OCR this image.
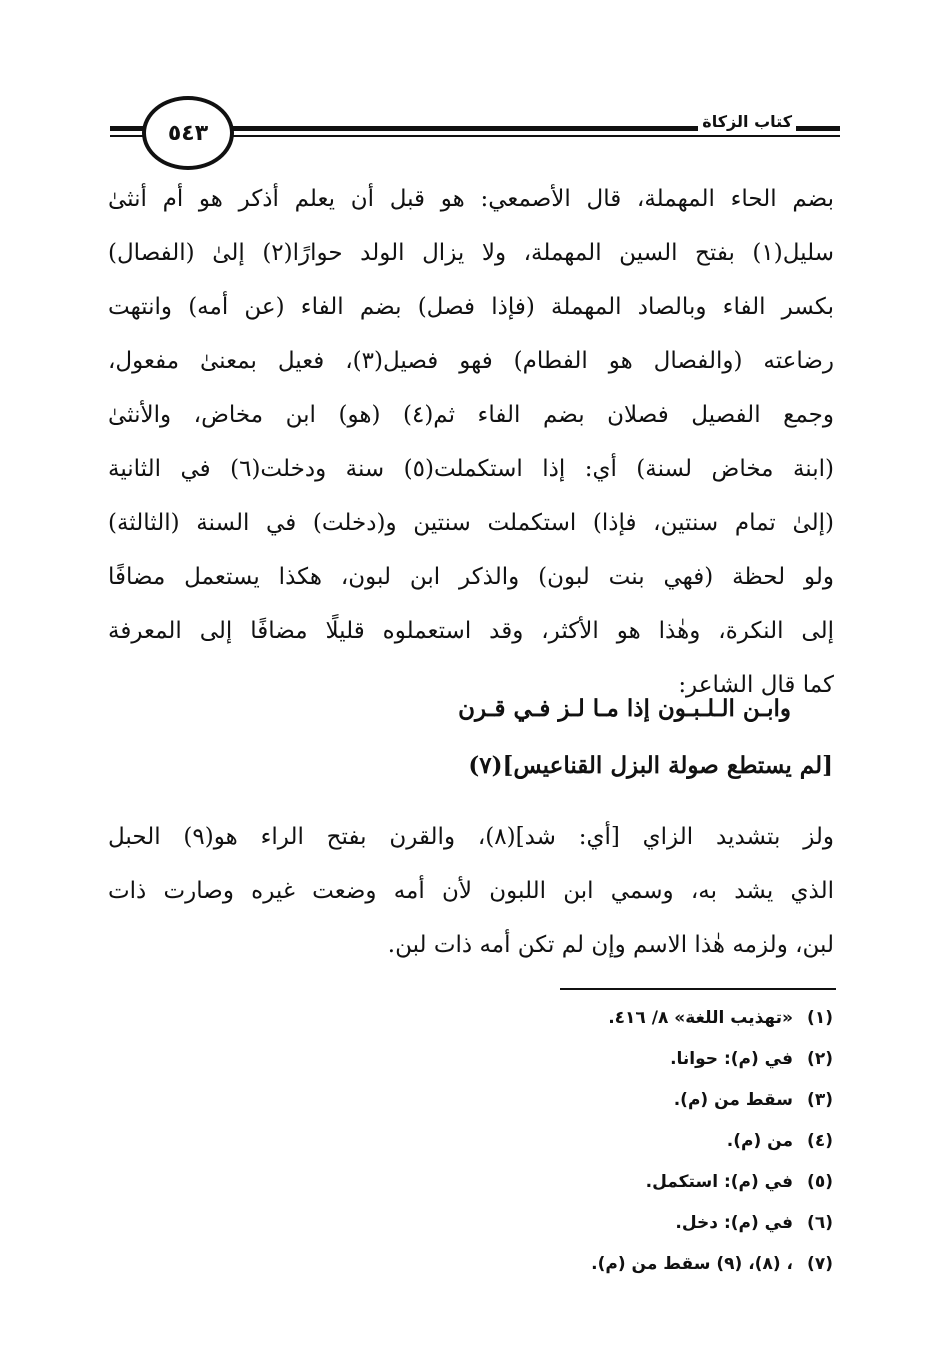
٥٤٣	كتاب الزكاة
بضم الحاء المهملة، قال الأصمعي: هو قبل أن يعلم أذكر هو أم أنثىٰ
سليل(١) بفتح السين المهملة، ولا يزال الولد حوارًا(٢) إلىٰ (الفصال)
بكسر الفاء وبالصاد المهملة (فإذا فصل) بضم الفاء (عن أمه) وانتهت
رضاعته (والفصال هو الفطام) فهو فصيل(٣)، فعيل بمعنىٰ مفعول،
وجمع الفصيل فصلان بضم الفاء ثم(٤) (هو) ابن مخاض، والأنثىٰ
(ابنة مخاض لسنة) أي: إذا استكملت(٥) سنة ودخلت(٦) في الثانية
(إلىٰ تمام سنتين، فإذا) استكملت سنتين و(دخلت) في السنة (الثالثة)
ولو لحظة (فهي بنت لبون) والذكر ابن لبون، هكذا يستعمل مضافًا
إلى النكرة، وهٰذا هو الأكثر، وقد استعملوه قليلًا مضافًا إلى المعرفة
كما قال الشاعر:
وابـن الـلـبـون إذا مـا لـز فـي قـرن
[لم يستطع صولة البزل القناعيس](٧)
ولز بتشديد الزاي [أي: شد](٨)، والقرن بفتح الراء هو(٩) الحبل
الذي يشد به، وسمي ابن اللبون لأن أمه وضعت غيره وصارت ذات
لبن، ولزمه هٰذا الاسم وإن لم تكن أمه ذات لبن.
(١)«تهذيب اللغة» ٨/ ٤١٦.
(٢)في (م): حوانا.
(٣)سقط من (م).
(٤)من (م).
(٥)في (م): استكمل.
(٦)في (م): دخل.
(٧)، (٨)، (٩) سقط من (م).
